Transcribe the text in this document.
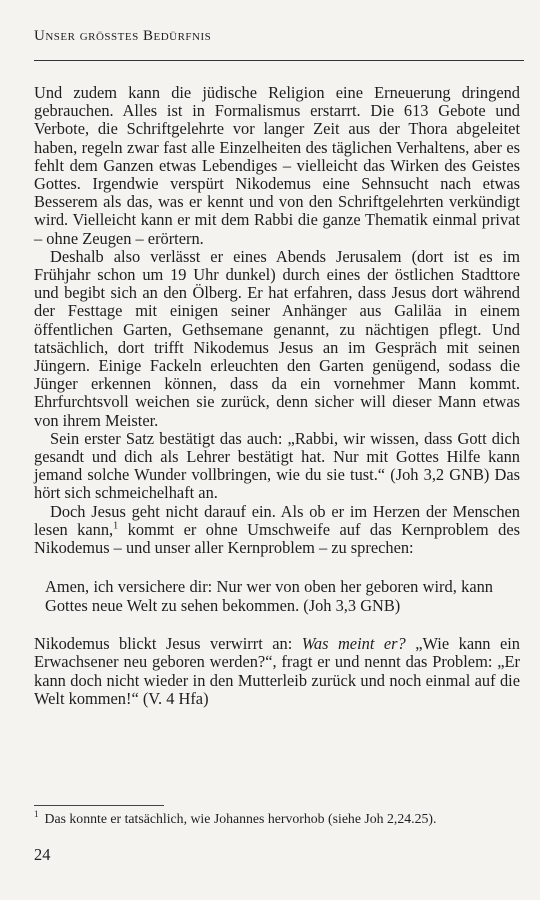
Unser grösstes Bedürfnis

Und zudem kann die jüdische Religion eine Erneuerung dringend gebrauchen. Alles ist in Formalismus erstarrt. Die 613 Gebote und Verbote, die Schriftgelehrte vor langer Zeit aus der Thora abgeleitet haben, regeln zwar fast alle Einzelheiten des täglichen Verhaltens, aber es fehlt dem Ganzen etwas Lebendiges – vielleicht das Wirken des Geistes Gottes. Irgendwie verspürt Nikodemus eine Sehnsucht nach etwas Besserem als das, was er kennt und von den Schriftgelehrten verkündigt wird. Vielleicht kann er mit dem Rabbi die ganze Thematik einmal privat – ohne Zeugen – erörtern.

Deshalb also verlässt er eines Abends Jerusalem (dort ist es im Frühjahr schon um 19 Uhr dunkel) durch eines der östlichen Stadttore und begibt sich an den Ölberg. Er hat erfahren, dass Jesus dort während der Festtage mit einigen seiner Anhänger aus Galiläa in einem öffentlichen Garten, Gethsemane genannt, zu nächtigen pflegt. Und tatsächlich, dort trifft Nikodemus Jesus an im Gespräch mit seinen Jüngern. Einige Fackeln erleuchten den Garten genügend, sodass die Jünger erkennen können, dass da ein vornehmer Mann kommt. Ehrfurchtsvoll weichen sie zurück, denn sicher will dieser Mann etwas von ihrem Meister.

Sein erster Satz bestätigt das auch: „Rabbi, wir wissen, dass Gott dich gesandt und dich als Lehrer bestätigt hat. Nur mit Gottes Hilfe kann jemand solche Wunder vollbringen, wie du sie tust.“ (Joh 3,2 GNB) Das hört sich schmeichelhaft an.

Doch Jesus geht nicht darauf ein. Als ob er im Herzen der Menschen lesen kann,$^1$ kommt er ohne Umschweife auf das Kernproblem des Nikodemus – und unser aller Kernproblem – zu sprechen:

Amen, ich versichere dir: Nur wer von oben her geboren wird, kann Gottes neue Welt zu sehen bekommen. (Joh 3,3 GNB)

Nikodemus blickt Jesus verwirrt an: Was meint er? „Wie kann ein Erwachsener neu geboren werden?“, fragt er und nennt das Problem: „Er kann doch nicht wieder in den Mutterleib zurück und noch einmal auf die Welt kommen!“ (V. 4 Hfa)

$^1$ Das konnte er tatsächlich, wie Johannes hervorhob (siehe Joh 2,24.25).
24
